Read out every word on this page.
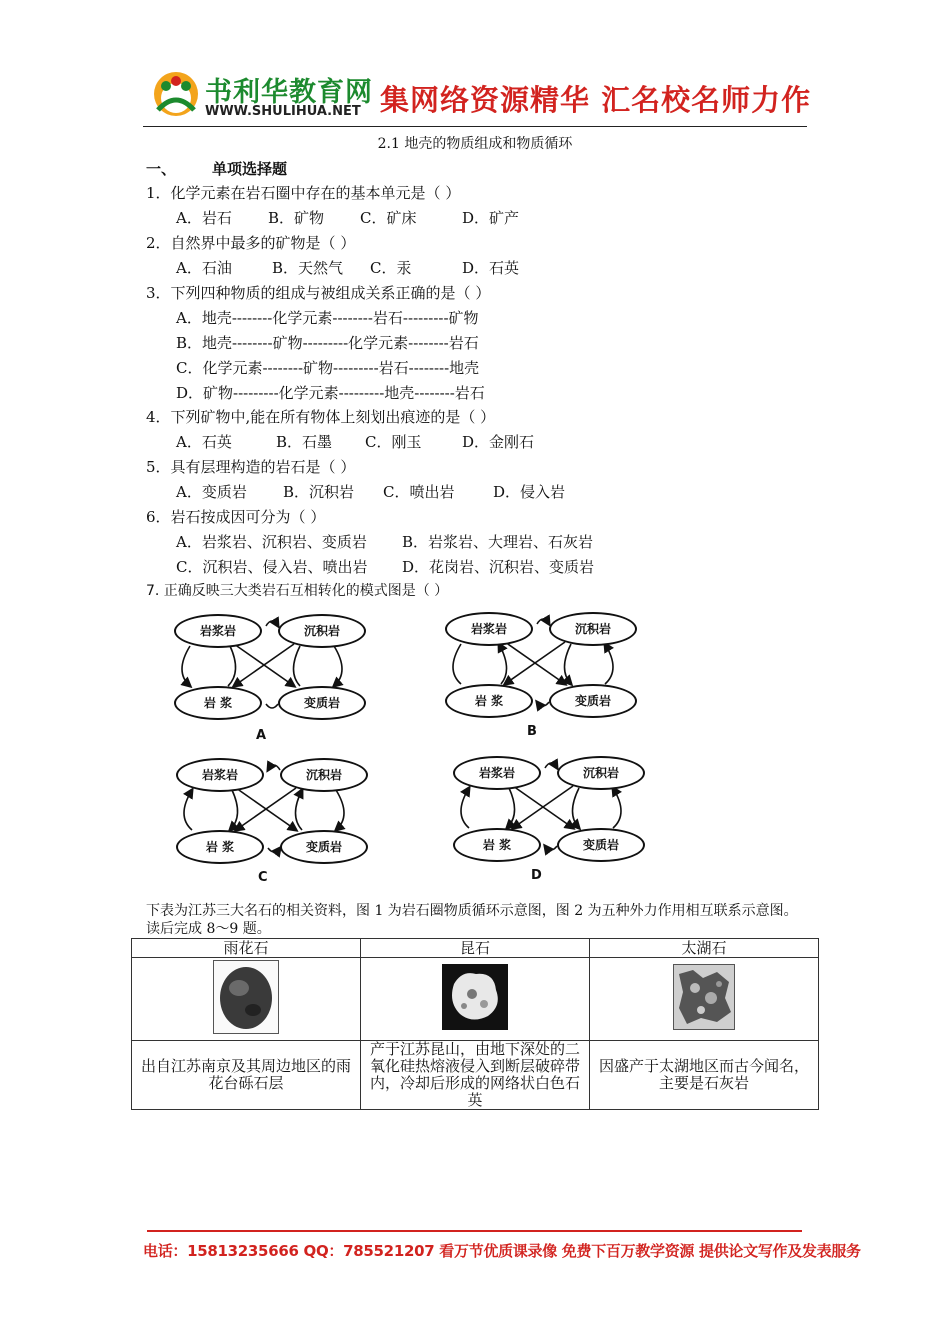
书利华教育网
WWW.SHULIHUA.NET 集网络资源精华 汇名校名师力作
2.1 地壳的物质组成和物质循环
一、 单项选择题
1．化学元素在岩石圈中存在的基本单元是（ ）
A．岩石 B．矿物 C．矿床	D．矿产
2．自然界中最多的矿物是（ ）
A．石油	B．天然气 C．汞	D．石英
3．下列四种物质的组成与被组成关系正确的是（ ）
A．地壳--------化学元素--------岩石---------矿物
B．地壳--------矿物---------化学元素--------岩石
C．化学元素--------矿物---------岩石--------地壳
D．矿物---------化学元素---------地壳--------岩石
4．下列矿物中,能在所有物体上刻划出痕迹的是（ ）
A．石英	B．石墨 C．刚玉	D．金刚石
5．具有层理构造的岩石是（ ）
A．变质岩 B．沉积岩 C．喷出岩	D．侵入岩
6．岩石按成因可分为（ ）
A．岩浆岩、沉积岩、变质岩 B．岩浆岩、大理岩、石灰岩
C．沉积岩、侵入岩、喷出岩 D．花岗岩、沉积岩、变质岩
7. 正确反映三大类岩石互相转化的模式图是（ ）
岩浆岩	沉积岩
岩 浆	变质岩
A
岩浆岩	沉积岩
岩 浆	变质岩
B
岩浆岩	沉积岩
岩 浆	变质岩
C
岩浆岩	沉积岩
岩 浆	变质岩
D
下表为江苏三大名石的相关资料，图 1 为岩石圈物质循环示意图，图 2 为五种外力作用相互联系示意图。读后完成 8～9 题。
雨花石	昆石	太湖石

出自江苏南京及其周边地区的雨花台砾石层	产于江苏昆山，由地下深处的二氧化硅热熔液侵入到断层破碎带内，冷却后形成的网络状白色石英	因盛产于太湖地区而古今闻名，主要是石灰岩
电话：15813235666 QQ：785521207 看万节优质课录像 免费下百万教学资源 提供论文写作及发表服务
